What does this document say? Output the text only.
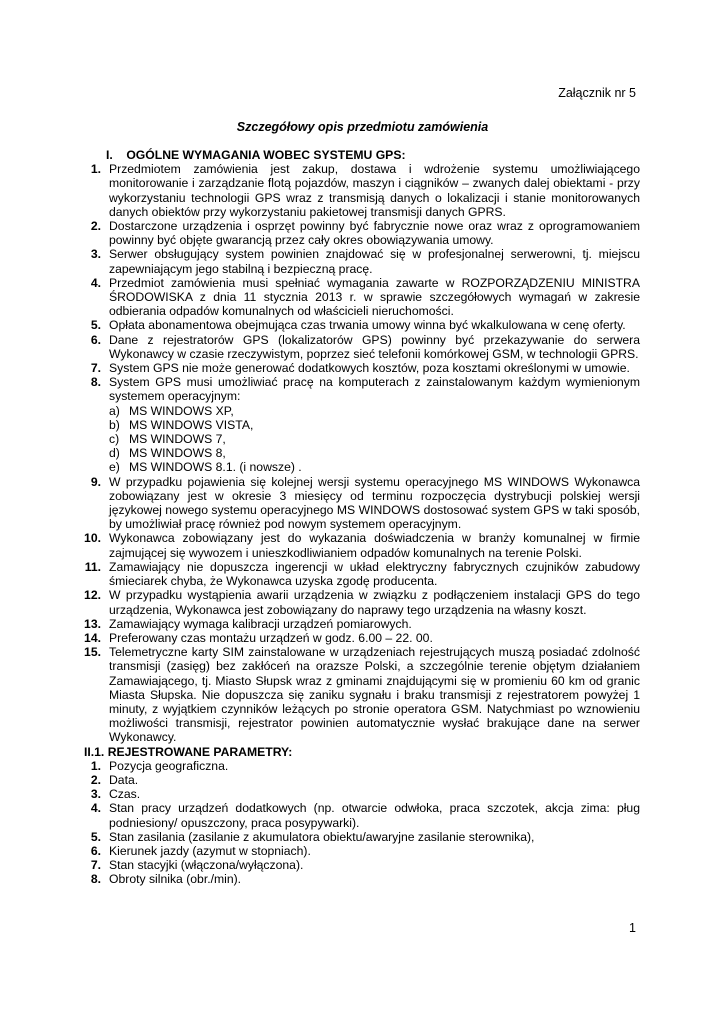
Załącznik nr 5
Szczegółowy opis przedmiotu zamówienia

I.    OGÓLNE WYMAGANIA WOBEC SYSTEMU GPS:

1. Przedmiotem zamówienia jest zakup, dostawa i wdrożenie systemu umożliwiającego monitorowanie i zarządzanie flotą pojazdów, maszyn i ciągników – zwanych dalej obiektami - przy wykorzystaniu technologii GPS wraz z transmisją danych o lokalizacji i stanie monitorowanych danych obiektów przy wykorzystaniu pakietowej transmisji danych GPRS.
2. Dostarczone urządzenia i osprzęt powinny być fabrycznie nowe oraz wraz z oprogramowaniem powinny być objęte gwarancją przez cały okres obowiązywania umowy.
3. Serwer obsługujący system powinien znajdować się w profesjonalnej serwerowni, tj. miejscu zapewniającym jego stabilną i bezpieczną pracę.
4. Przedmiot zamówienia musi spełniać wymagania zawarte w ROZPORZĄDZENIU MINISTRA ŚRODOWISKA z dnia 11 stycznia 2013 r. w sprawie szczegółowych wymagań w zakresie odbierania odpadów komunalnych od właścicieli nieruchomości.
5. Opłata abonamentowa obejmująca czas trwania umowy winna być wkalkulowana w cenę oferty.
6. Dane z rejestratorów GPS (lokalizatorów GPS) powinny być przekazywanie do serwera Wykonawcy w czasie rzeczywistym, poprzez sieć telefonii komórkowej GSM, w technologii GPRS.
7. System GPS nie może generować dodatkowych kosztów, poza kosztami określonymi w umowie.
8. System GPS musi umożliwiać pracę na komputerach z zainstalowanym każdym wymienionym systemem operacyjnym:
a) MS WINDOWS XP,
b) MS WINDOWS VISTA,
c) MS WINDOWS 7,
d) MS WINDOWS 8,
e) MS WINDOWS 8.1. (i nowsze) .
9. W przypadku pojawienia się kolejnej wersji systemu operacyjnego MS WINDOWS Wykonawca zobowiązany jest w okresie 3 miesięcy od terminu rozpoczęcia dystrybucji polskiej wersji językowej nowego systemu operacyjnego MS WINDOWS dostosować system GPS w taki sposób, by umożliwiał pracę również pod nowym systemem operacyjnym.
10. Wykonawca zobowiązany jest do wykazania doświadczenia w branży komunalnej w firmie zajmującej się wywozem i unieszkodliwianiem odpadów komunalnych na terenie Polski.
11. Zamawiający nie dopuszcza ingerencji w układ elektryczny fabrycznych czujników zabudowy śmieciarek chyba, że Wykonawca uzyska zgodę producenta.
12. W przypadku wystąpienia awarii urządzenia w związku z podłączeniem instalacji GPS do tego urządzenia, Wykonawca jest zobowiązany do naprawy tego urządzenia na własny koszt.
13. Zamawiający wymaga kalibracji urządzeń pomiarowych.
14. Preferowany czas montażu urządzeń w godz. 6.00 – 22. 00.
15. Telemetryczne karty SIM zainstalowane w urządzeniach rejestrujących muszą posiadać zdolność transmisji (zasięg) bez zakłóceń na orazsze Polski, a szczególnie terenie objętym działaniem Zamawiającego, tj. Miasto Słupsk wraz z gminami znajdującymi się w promieniu 60 km od granic Miasta Słupska. Nie dopuszcza się zaniku sygnału i braku transmisji z rejestratorem powyżej 1 minuty, z wyjątkiem czynników leżących po stronie operatora GSM. Natychmiast po wznowieniu możliwości transmisji, rejestrator powinien automatycznie wysłać brakujące dane na serwer Wykonawcy.

II.1. REJESTROWANE PARAMETRY:

1. Pozycja geograficzna.
2. Data.
3. Czas.
4. Stan pracy urządzeń dodatkowych (np. otwarcie odwłoka, praca szczotek, akcja zima: pług podniesiony/ opuszczony, praca posypywarki).
5. Stan zasilania (zasilanie z akumulatora obiektu/awaryjne zasilanie sterownika),
6. Kierunek jazdy (azymut w stopniach).
7. Stan stacyjki (włączona/wyłączona).
8. Obroty silnika (obr./min).
1
